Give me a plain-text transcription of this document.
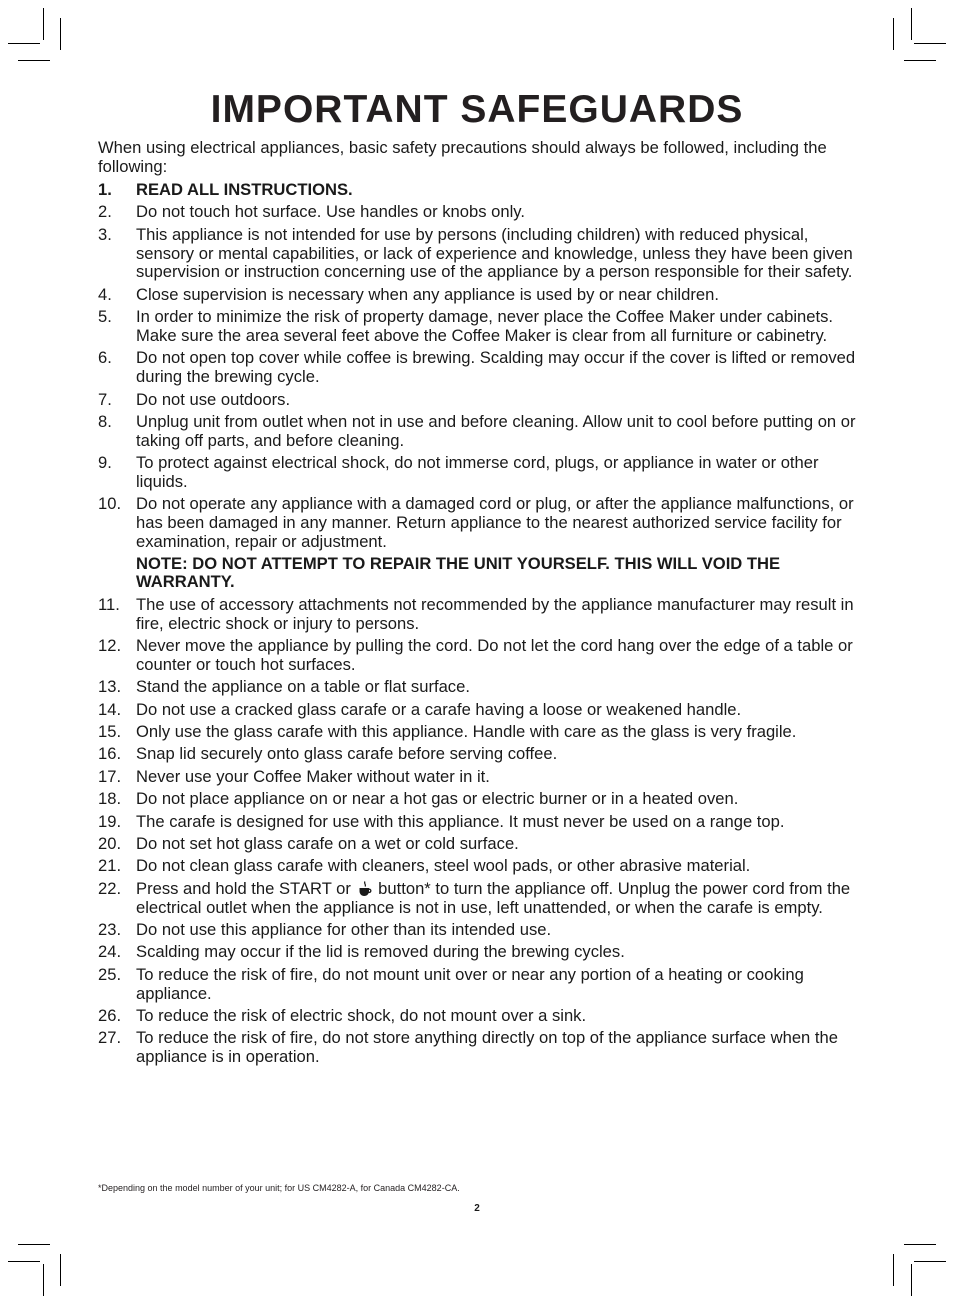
IMPORTANT SAFEGUARDS
When using electrical appliances, basic safety precautions should always be followed, including the following:
1.	READ ALL INSTRUCTIONS.
2.	Do not touch hot surface. Use handles or knobs only.
3.	This appliance is not intended for use by persons (including children) with reduced physical, sensory or mental capabilities, or lack of experience and knowledge, unless they have been given supervision or instruction concerning use of the appliance by a person responsible for their safety.
4.	Close supervision is necessary when any appliance is used by or near children.
5.	In order to minimize the risk of property damage, never place the Coffee Maker under cabinets. Make sure the area several feet above the Coffee Maker is clear from all furniture or cabinetry.
6.	Do not open top cover while coffee is brewing. Scalding may occur if the cover is lifted or removed during the brewing cycle.
7.	Do not use outdoors.
8.	Unplug unit from outlet when not in use and before cleaning. Allow unit to cool before putting on or taking off parts, and before cleaning.
9.	To protect against electrical shock, do not immerse cord, plugs, or appliance in water or other liquids.
10. Do not operate any appliance with a damaged cord or plug, or after the appliance malfunctions, or has been damaged in any manner. Return appliance to the nearest authorized service facility for examination, repair or adjustment.
NOTE: DO NOT ATTEMPT TO REPAIR THE UNIT YOURSELF. THIS WILL VOID THE WARRANTY.
11. The use of accessory attachments not recommended by the appliance manufacturer may result in fire, electric shock or injury to persons.
12. Never move the appliance by pulling the cord. Do not let the cord hang over the edge of a table or counter or touch hot surfaces.
13. Stand the appliance on a table or flat surface.
14. Do not use a cracked glass carafe or a carafe having a loose or weakened handle.
15. Only use the glass carafe with this appliance. Handle with care as the glass is very fragile.
16. Snap lid securely onto glass carafe before serving coffee.
17. Never use your Coffee Maker without water in it.
18. Do not place appliance on or near a hot gas or electric burner or in a heated oven.
19. The carafe is designed for use with this appliance. It must never be used on a range top.
20. Do not set hot glass carafe on a wet or cold surface.
21. Do not clean glass carafe with cleaners, steel wool pads, or other abrasive material.
22. Press and hold the START or button* to turn the appliance off. Unplug the power cord from the electrical outlet when the appliance is not in use, left unattended, or when the carafe is empty.
23. Do not use this appliance for other than its intended use.
24. Scalding may occur if the lid is removed during the brewing cycles.
25. To reduce the risk of fire, do not mount unit over or near any portion of a heating or cooking appliance.
26. To reduce the risk of electric shock, do not mount over a sink.
27. To reduce the risk of fire, do not store anything directly on top of the appliance surface when the appliance is in operation.
*Depending on the model number of your unit; for US CM4282-A, for Canada CM4282-CA.
2
